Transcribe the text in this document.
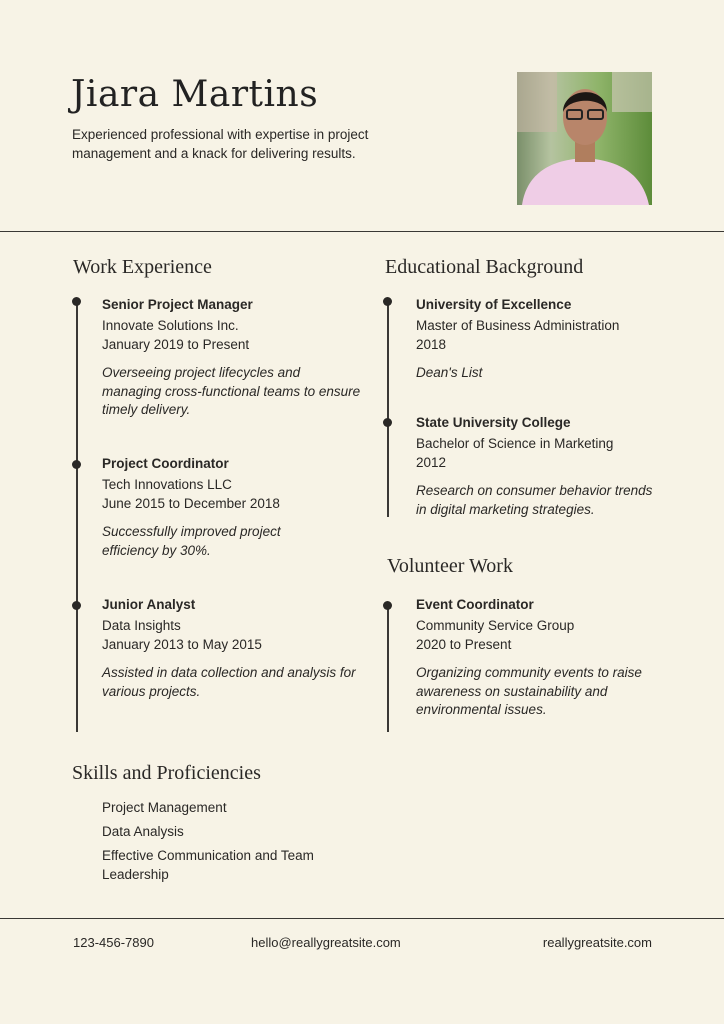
Jiara Martins
Experienced professional with expertise in project management and a knack for delivering results.
Work Experience
Senior Project Manager
Innovate Solutions Inc.
January 2019 to Present
Overseeing project lifecycles and managing cross-functional teams to ensure timely delivery.
Project Coordinator
Tech Innovations LLC
June 2015 to December 2018
Successfully improved project efficiency by 30%.
Junior Analyst
Data Insights
January 2013 to May 2015
Assisted in data collection and analysis for various projects.
Educational Background
University of Excellence
Master of Business Administration
2018
Dean's List
State University College
Bachelor of Science in Marketing
2012
Research on consumer behavior trends in digital marketing strategies.
Volunteer Work
Event Coordinator
Community Service Group
2020 to Present
Organizing community events to raise awareness on sustainability and environmental issues.
Skills and Proficiencies
Project Management
Data Analysis
Effective Communication and Team Leadership
123-456-7890	hello@reallygreatsite.com	reallygreatsite.com
